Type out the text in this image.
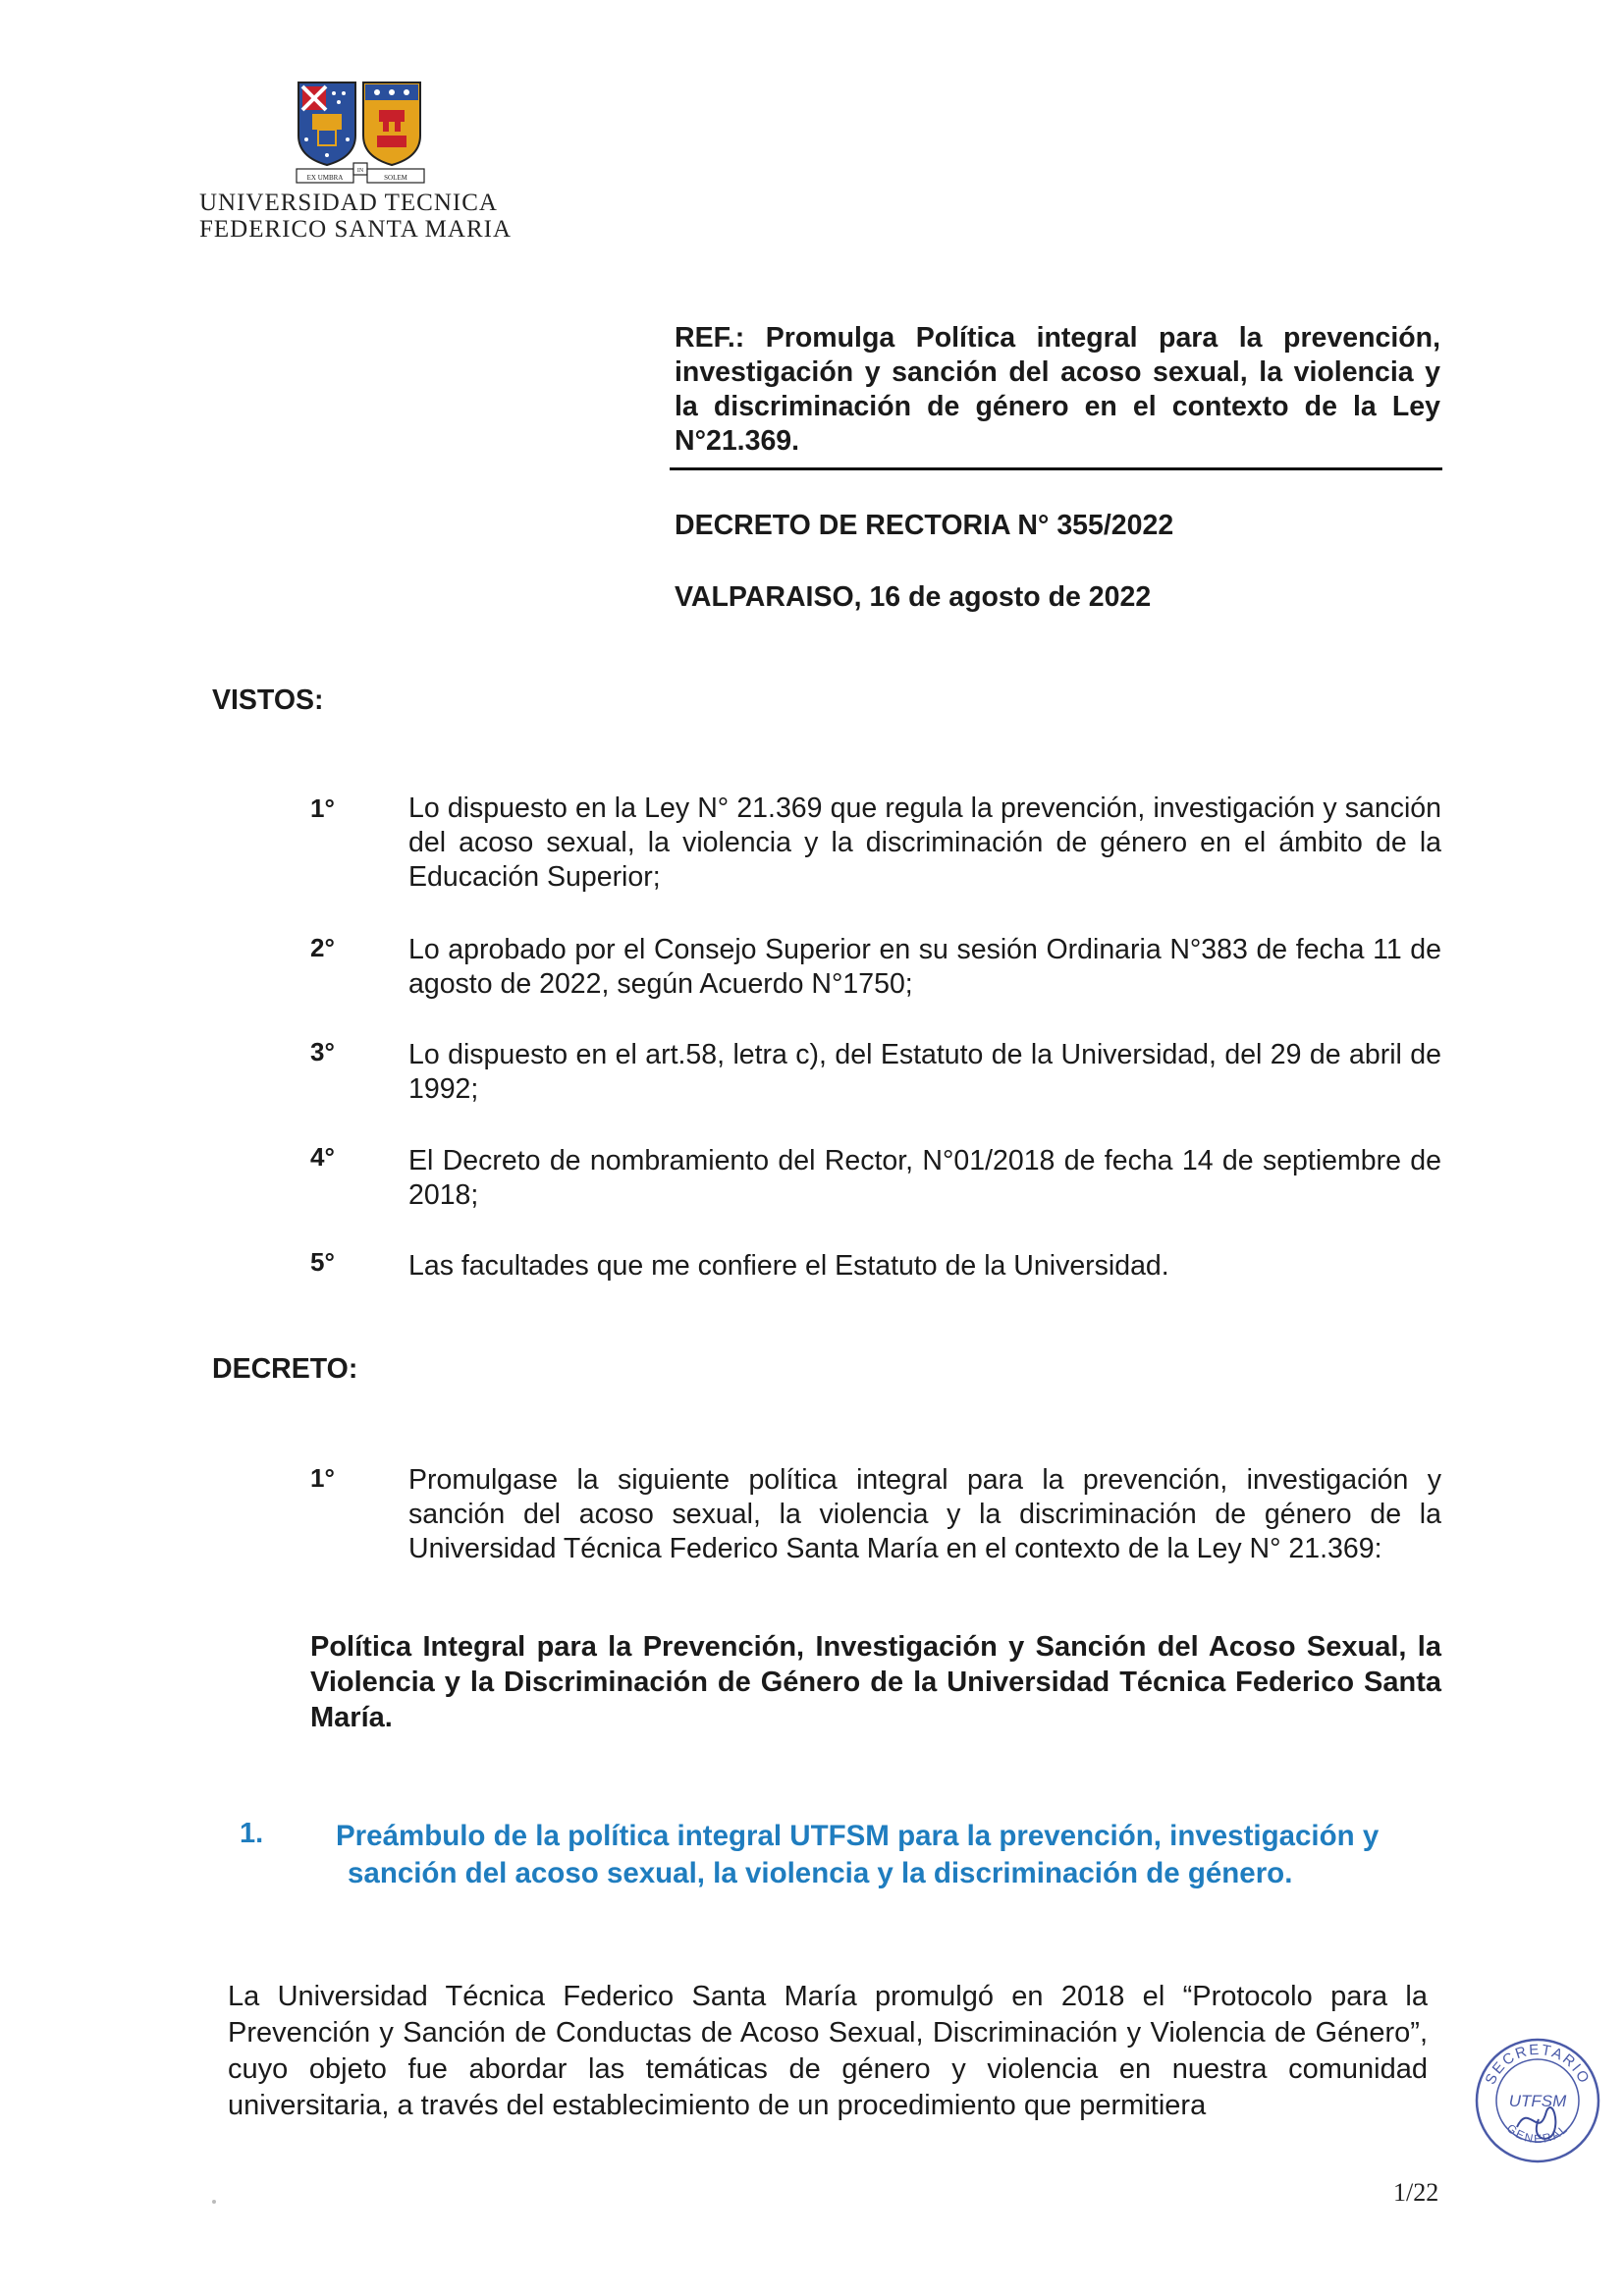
EX UMBRA
IN
SOLEM
UNIVERSIDAD TECNICA
FEDERICO SANTA MARIA
REF.: Promulga Política integral para la prevención, investigación y sanción del acoso sexual, la violencia y la discriminación de género en el contexto de la Ley N°21.369.
DECRETO DE RECTORIA N° 355/2022
VALPARAISO, 16 de agosto de 2022
VISTOS:
1°	Lo dispuesto en la Ley N° 21.369 que regula la prevención, investigación y sanción del acoso sexual, la violencia y la discriminación de género en el ámbito de la Educación Superior;
2°	Lo aprobado por el Consejo Superior en su sesión Ordinaria N°383 de fecha 11 de agosto de 2022, según Acuerdo N°1750;
3°	Lo dispuesto en el art.58, letra c), del Estatuto de la Universidad, del 29 de abril de 1992;
4°	El Decreto de nombramiento del Rector, N°01/2018 de fecha 14 de septiembre de 2018;
5°	Las facultades que me confiere el Estatuto de la Universidad.
DECRETO:
1°	Promulgase la siguiente política integral para la prevención, investigación y sanción del acoso sexual, la violencia y la discriminación de género de la Universidad Técnica Federico Santa María en el contexto de la Ley N° 21.369:
Política Integral para la Prevención, Investigación y Sanción del Acoso Sexual, la Violencia y la Discriminación de Género de la Universidad Técnica Federico Santa María.
1.	Preámbulo de la política integral UTFSM para la prevención, investigación y
sanción del acoso sexual, la violencia y la discriminación de género.
La Universidad Técnica Federico Santa María promulgó en 2018 el “Protocolo para la Prevención y Sanción de Conductas de Acoso Sexual, Discriminación y Violencia de Género”, cuyo objeto fue abordar las temáticas de género y violencia en nuestra comunidad universitaria, a través del establecimiento de un procedimiento que permitiera
SECRETARIO
UTFSM
GENERAL
1/22
